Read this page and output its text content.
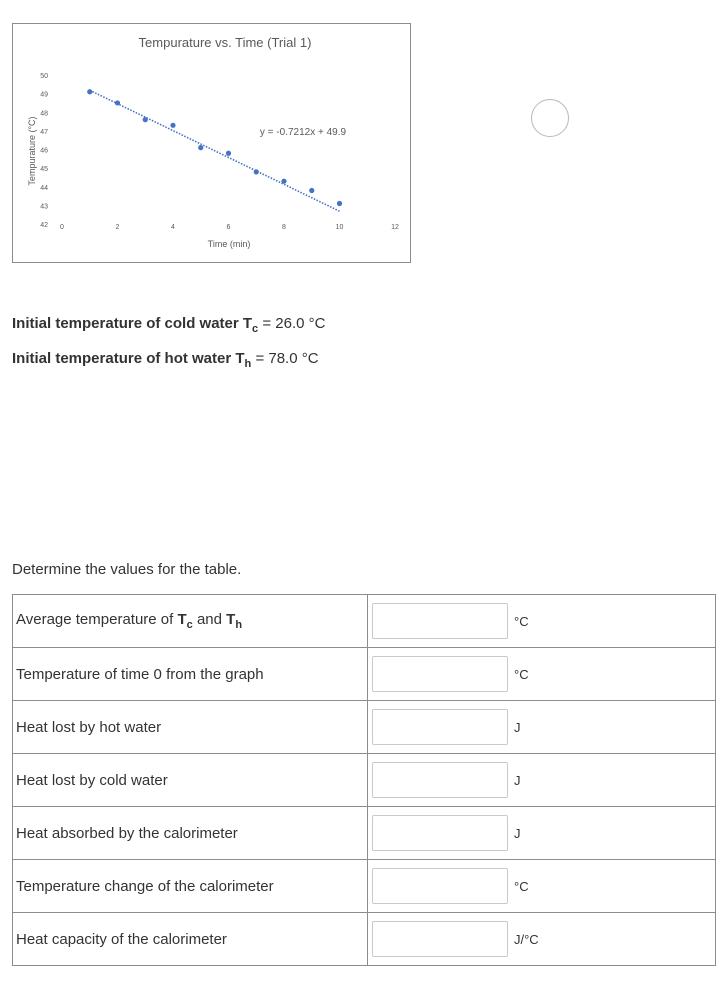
Tempurature vs. Time (Trial 1)
Tempurature (°C)
Time (min)
y = -0.7212x + 49.9
42
43
44
45
46
47
48
49
50
0	2	4	6	8	10	12
Initial temperature of cold water $T_c = 26.0$ °C
Initial temperature of hot water $T_h = 78.0$ °C
Determine the values for the table.
Average temperature of $T_c$ and $T_h$	°C
Temperature of time 0 from the graph	°C
Heat lost by hot water	J
Heat lost by cold water	J
Heat absorbed by the calorimeter	J
Temperature change of the calorimeter	°C
Heat capacity of the calorimeter	J/°C
